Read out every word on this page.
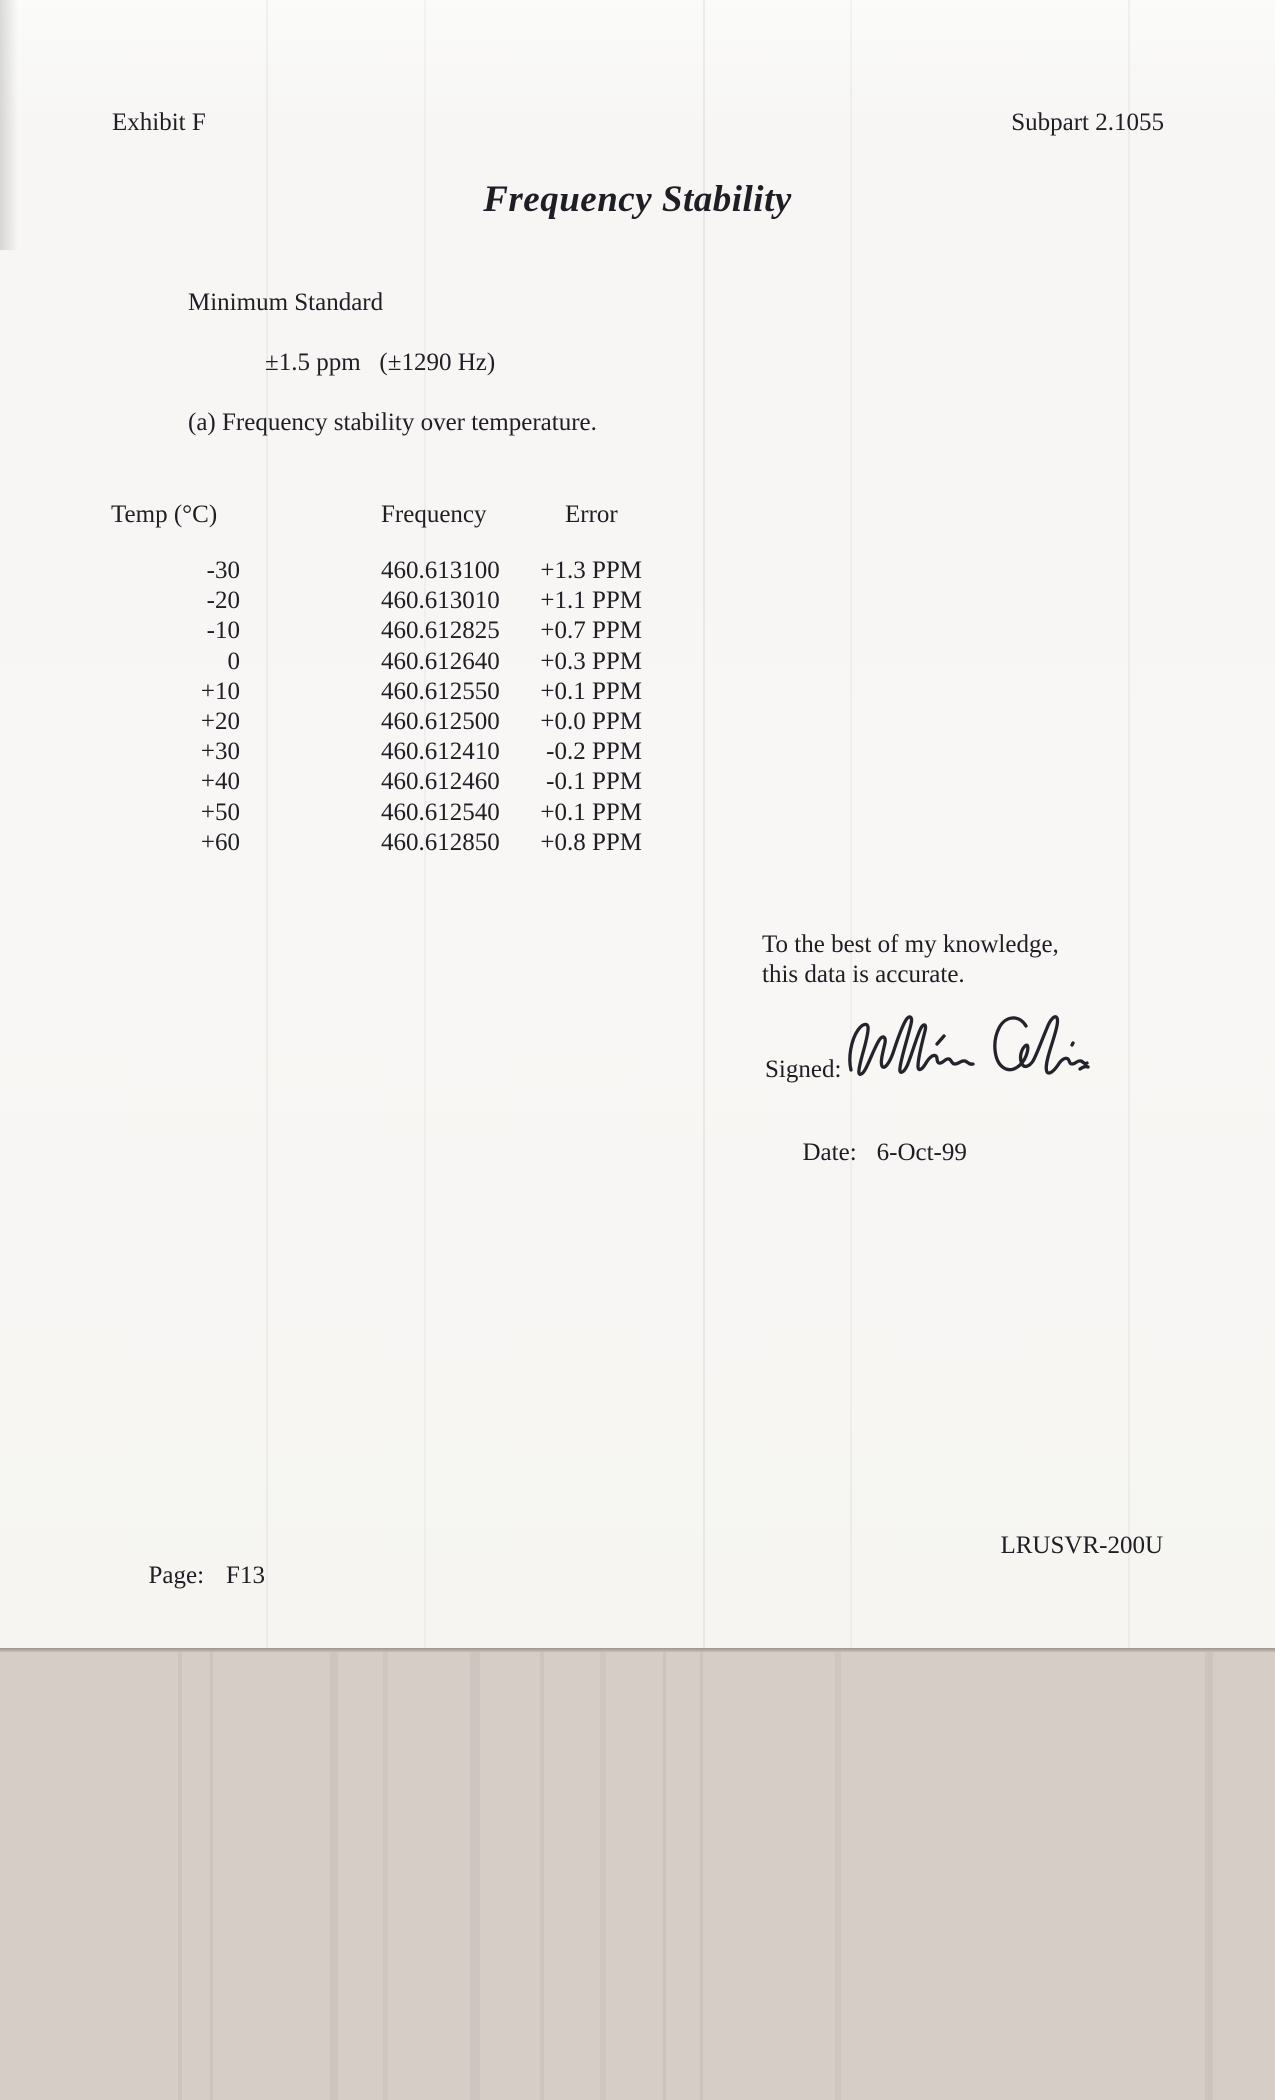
Exhibit F	Subpart 2.1055
Frequency Stability
Minimum Standard
±1.5 ppm   (±1290 Hz)
(a) Frequency stability over temperature.
Temp (°C)	Frequency	Error
-30	460.613100	+1.3 PPM
-20	460.613010	+1.1 PPM
-10	460.612825	+0.7 PPM
0	460.612640	+0.3 PPM
+10	460.612550	+0.1 PPM
+20	460.612500	+0.0 PPM
+30	460.612410	-0.2 PPM
+40	460.612460	-0.1 PPM
+50	460.612540	+0.1 PPM
+60	460.612850	+0.8 PPM
To the best of my knowledge,
this data is accurate.
Signed:

Date: 6-Oct-99

Page: F13

LRUSVR-200U
